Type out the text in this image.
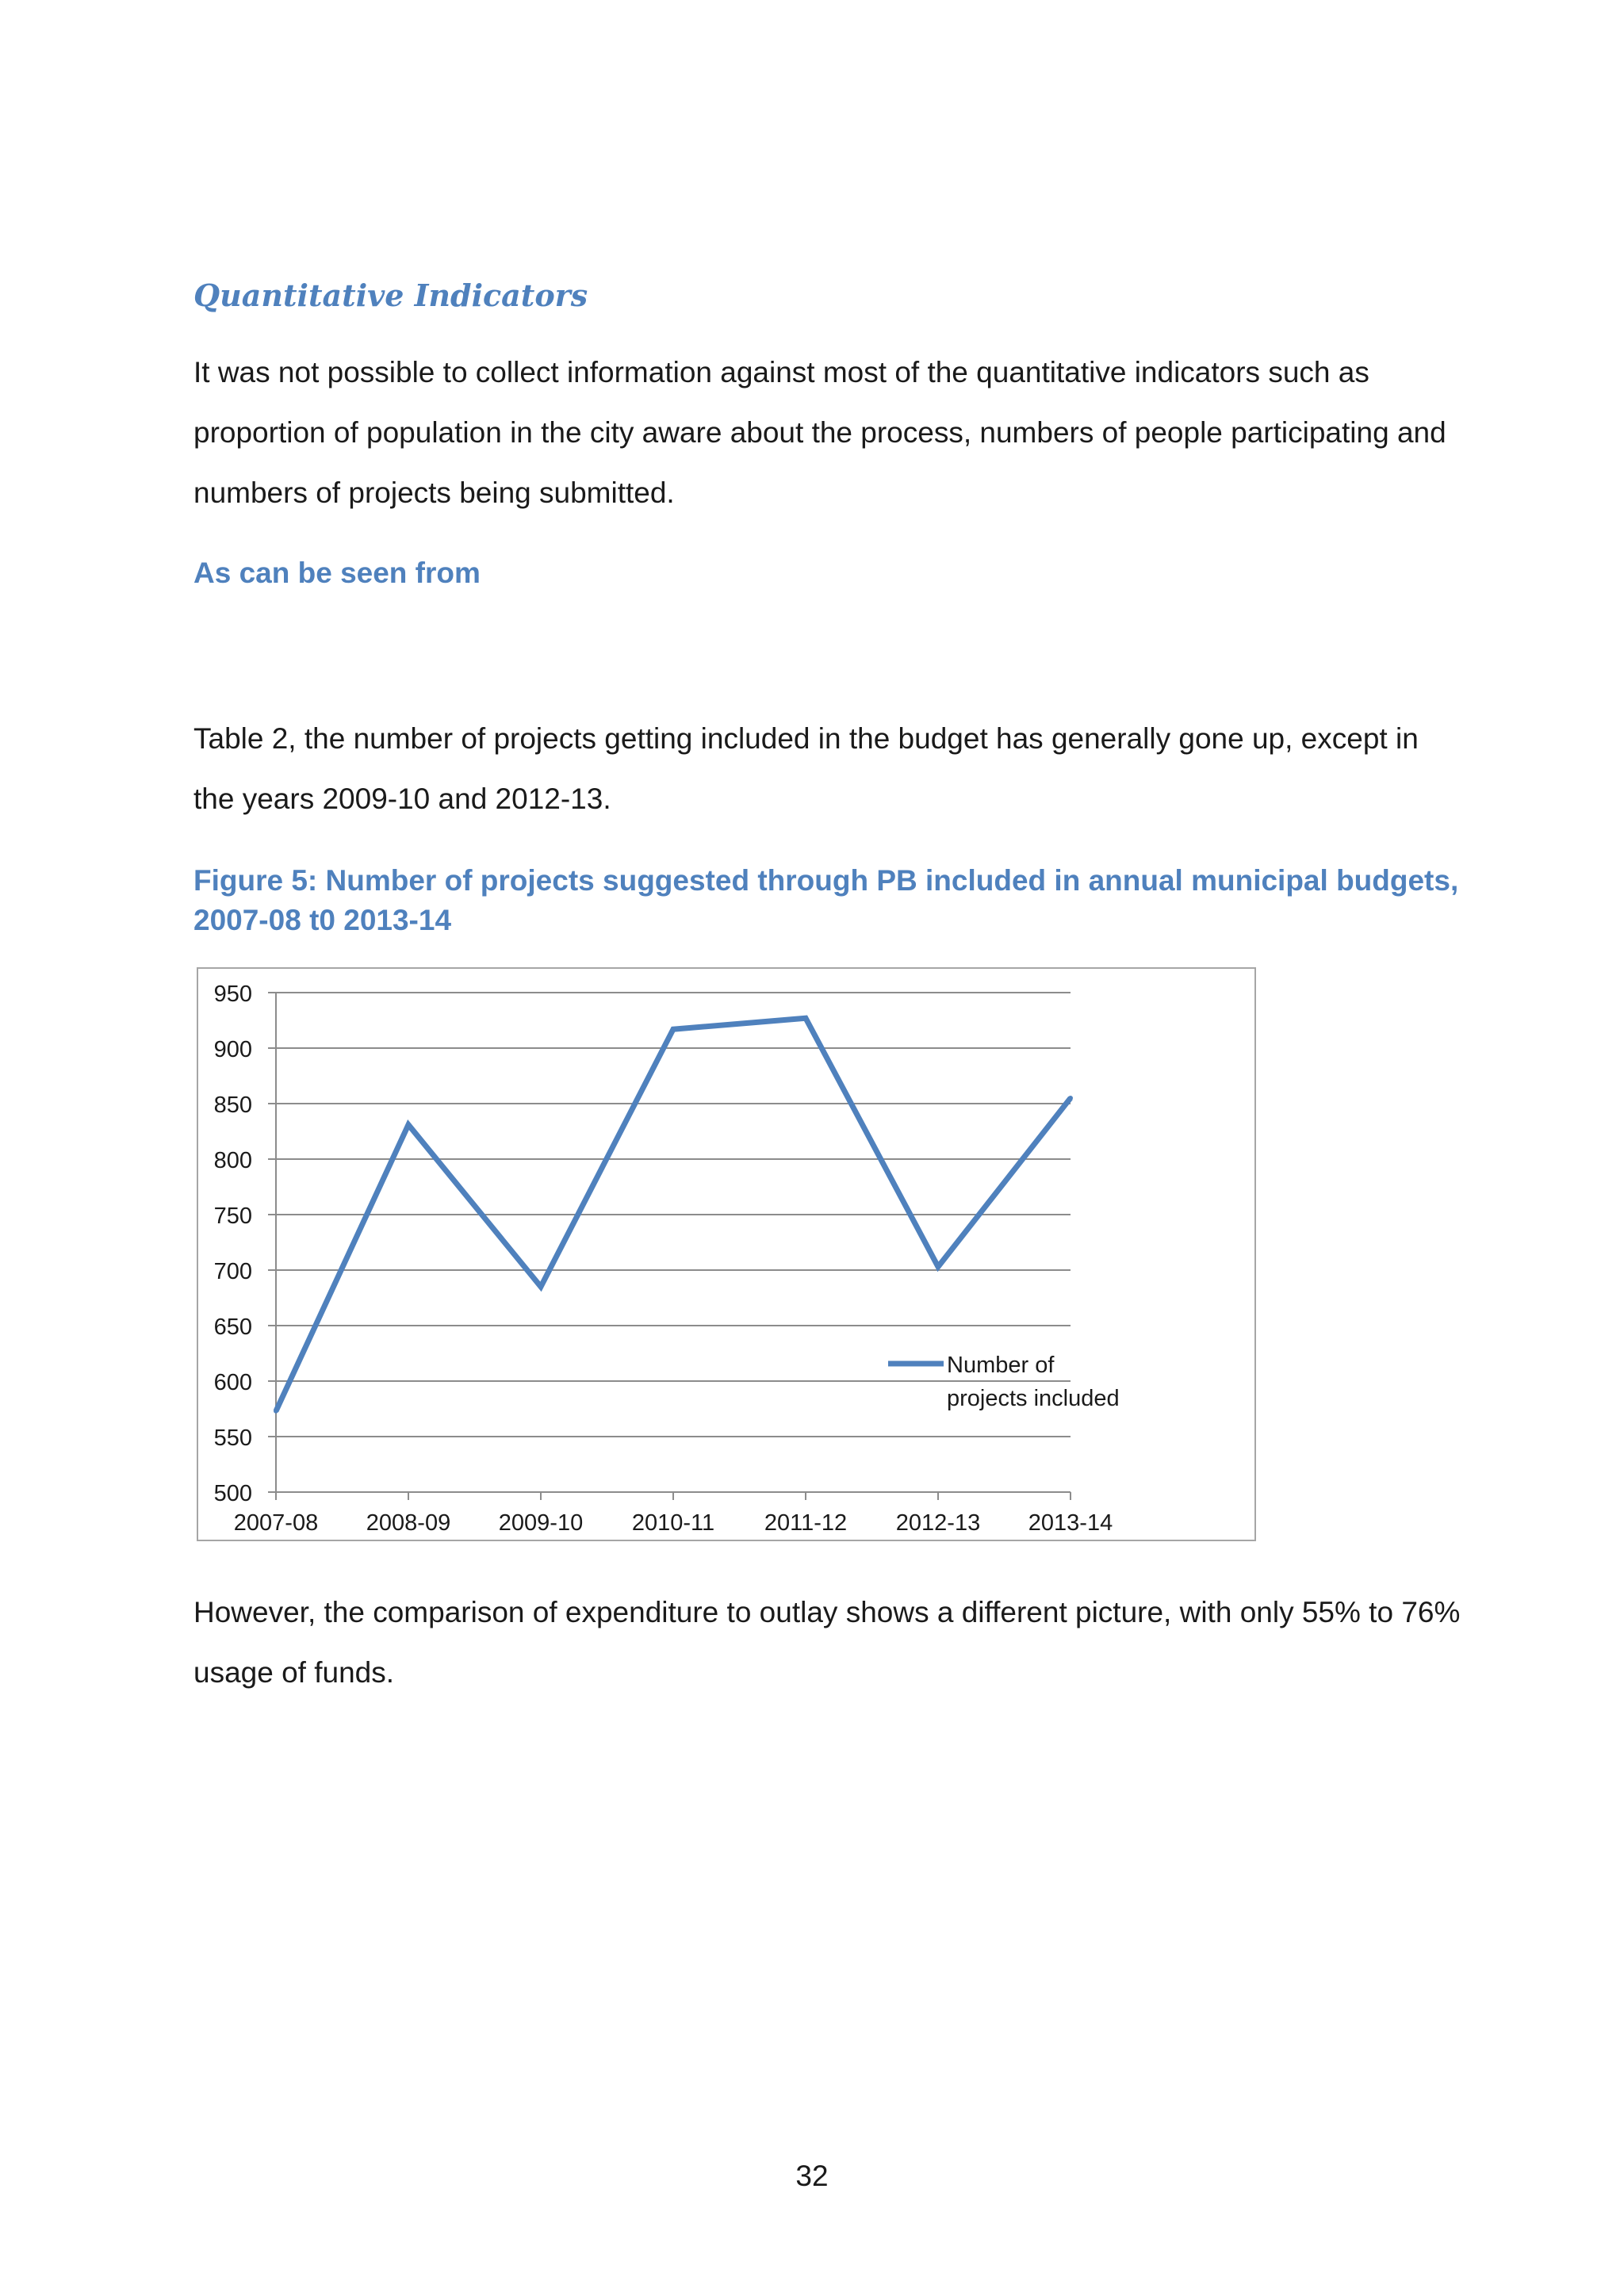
Quantitative Indicators

It was not possible to collect information against most of the quantitative indicators such as proportion of population in the city aware about the process, numbers of people participating and numbers of projects being submitted.

As can be seen from

Table 2, the number of projects getting included in the budget has generally gone up, except in the years 2009-10 and 2012-13.

Figure 5: Number of projects suggested through PB included in annual municipal budgets, 2007-08 t0 2013-14

500
550
600
650
700
750
800
850
900
950
2007-08 2008-09 2009-10 2010-11 2011-12 2012-13 2013-14
Number of
projects included

However, the comparison of expenditure to outlay shows a different picture, with only 55% to 76% usage of funds.

32
